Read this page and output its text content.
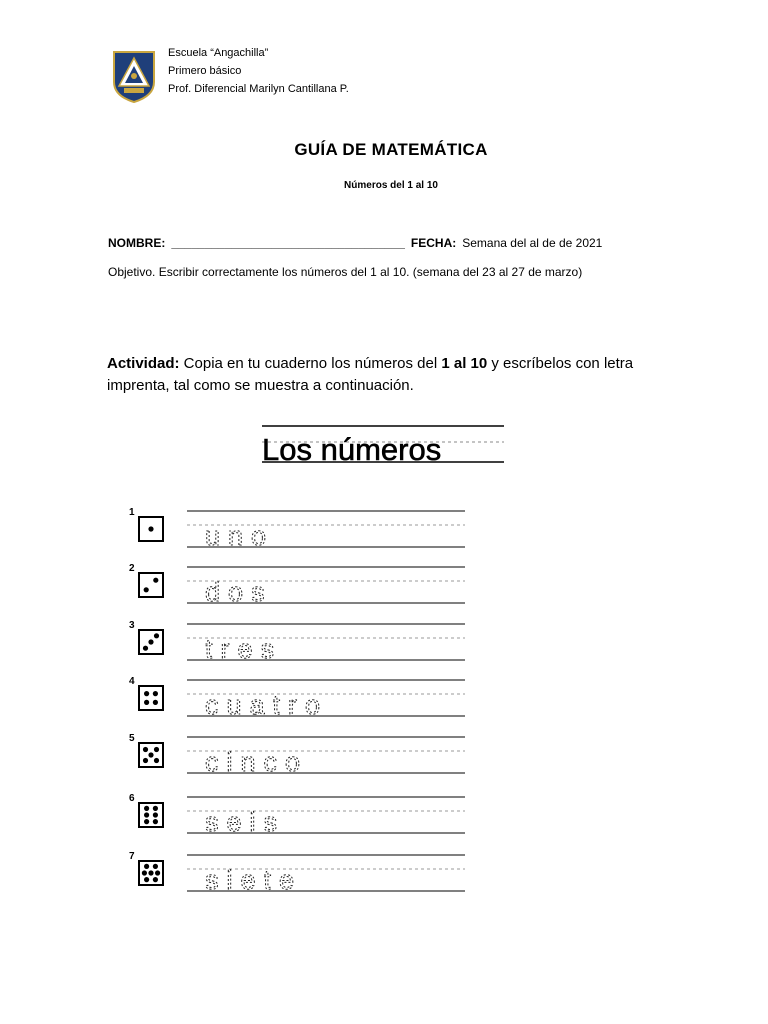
Escuela “Angachilla”
Primero básico
Prof. Diferencial Marilyn Cantillana P.
GUÍA DE MATEMÁTICA
Números del 1 al 10
NOMBRE: ___________________________________ FECHA: Semana del al de de 2021
Objetivo. Escribir correctamente los números del 1 al 10. (semana del 23 al 27 de marzo)
Actividad: Copia en tu cuaderno los números del 1 al 10 y escríbelos con letra imprenta, tal como se muestra a continuación.
Los números
1
uno
2
dos
3
tres
4
cuatro
5
cinco
6
seis
7
siete
